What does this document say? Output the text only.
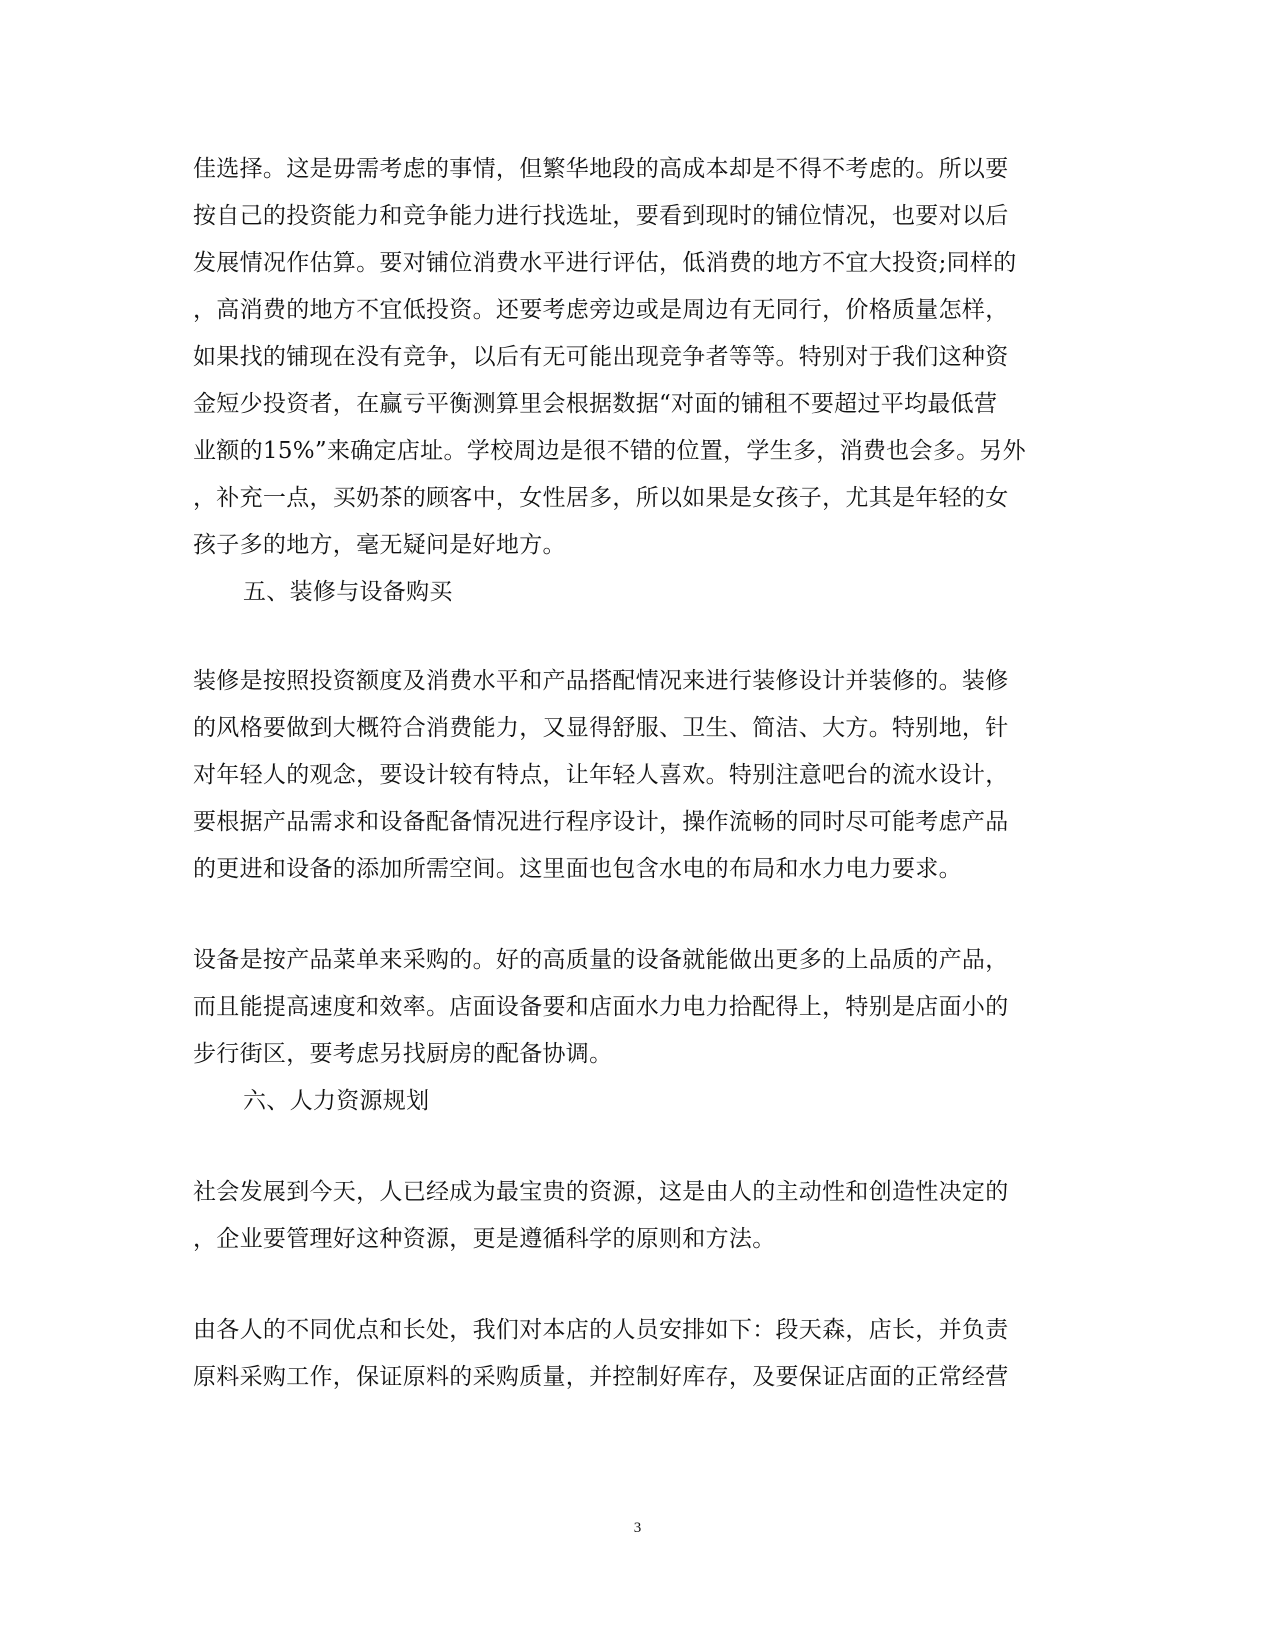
佳选择。这是毋需考虑的事情，但繁华地段的高成本却是不得不考虑的。所以要
按自己的投资能力和竞争能力进行找选址，要看到现时的铺位情况，也要对以后
发展情况作估算。要对铺位消费水平进行评估，低消费的地方不宜大投资;同样的
，高消费的地方不宜低投资。还要考虑旁边或是周边有无同行，价格质量怎样，
如果找的铺现在没有竞争，以后有无可能出现竞争者等等。特别对于我们这种资
金短少投资者，在赢亏平衡测算里会根据数据“对面的铺租不要超过平均最低营
业额的15%”来确定店址。学校周边是很不错的位置，学生多，消费也会多。另外
，补充一点，买奶茶的顾客中，女性居多，所以如果是女孩子，尤其是年轻的女
孩子多的地方，毫无疑问是好地方。
五、装修与设备购买
装修是按照投资额度及消费水平和产品搭配情况来进行装修设计并装修的。装修
的风格要做到大概符合消费能力，又显得舒服、卫生、简洁、大方。特别地，针
对年轻人的观念，要设计较有特点，让年轻人喜欢。特别注意吧台的流水设计，
要根据产品需求和设备配备情况进行程序设计，操作流畅的同时尽可能考虑产品
的更进和设备的添加所需空间。这里面也包含水电的布局和水力电力要求。
设备是按产品菜单来采购的。好的高质量的设备就能做出更多的上品质的产品，
而且能提高速度和效率。店面设备要和店面水力电力拾配得上，特别是店面小的
步行街区，要考虑另找厨房的配备协调。
六、人力资源规划
社会发展到今天，人已经成为最宝贵的资源，这是由人的主动性和创造性决定的
，企业要管理好这种资源，更是遵循科学的原则和方法。
由各人的不同优点和长处，我们对本店的人员安排如下：段天森，店长，并负责
原料采购工作，保证原料的采购质量，并控制好库存，及要保证店面的正常经营
3
